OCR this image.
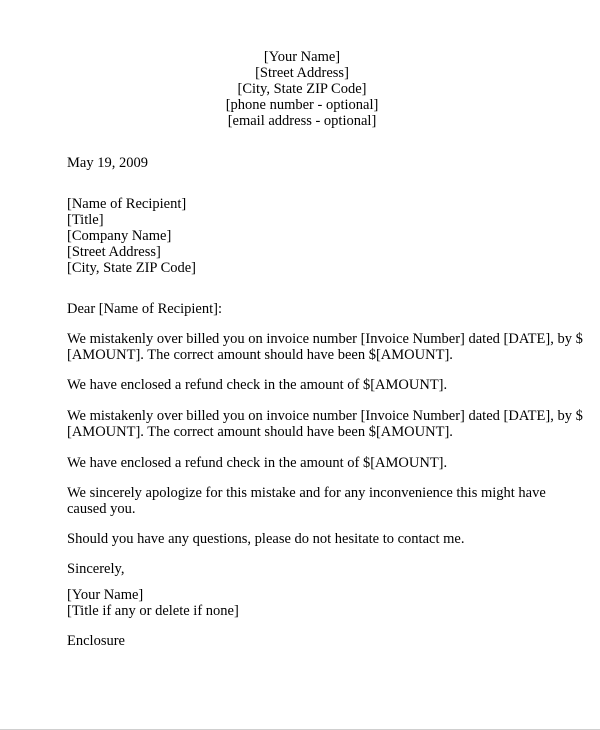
[Your Name]
[Street Address]
[City, State ZIP Code]
[phone number - optional]
[email address - optional]
May 19, 2009
[Name of Recipient]
[Title]
[Company Name]
[Street Address]
[City, State ZIP Code]
Dear [Name of Recipient]:
We mistakenly over billed you on invoice number [Invoice Number] dated [DATE], by $
[AMOUNT]. The correct amount should have been $[AMOUNT].
We have enclosed a refund check in the amount of $[AMOUNT].
We mistakenly over billed you on invoice number [Invoice Number] dated [DATE], by $
[AMOUNT]. The correct amount should have been $[AMOUNT].
We have enclosed a refund check in the amount of $[AMOUNT].
We sincerely apologize for this mistake and for any inconvenience this might have
caused you.
Should you have any questions, please do not hesitate to contact me.
Sincerely,
[Your Name]
[Title if any or delete if none]
Enclosure
